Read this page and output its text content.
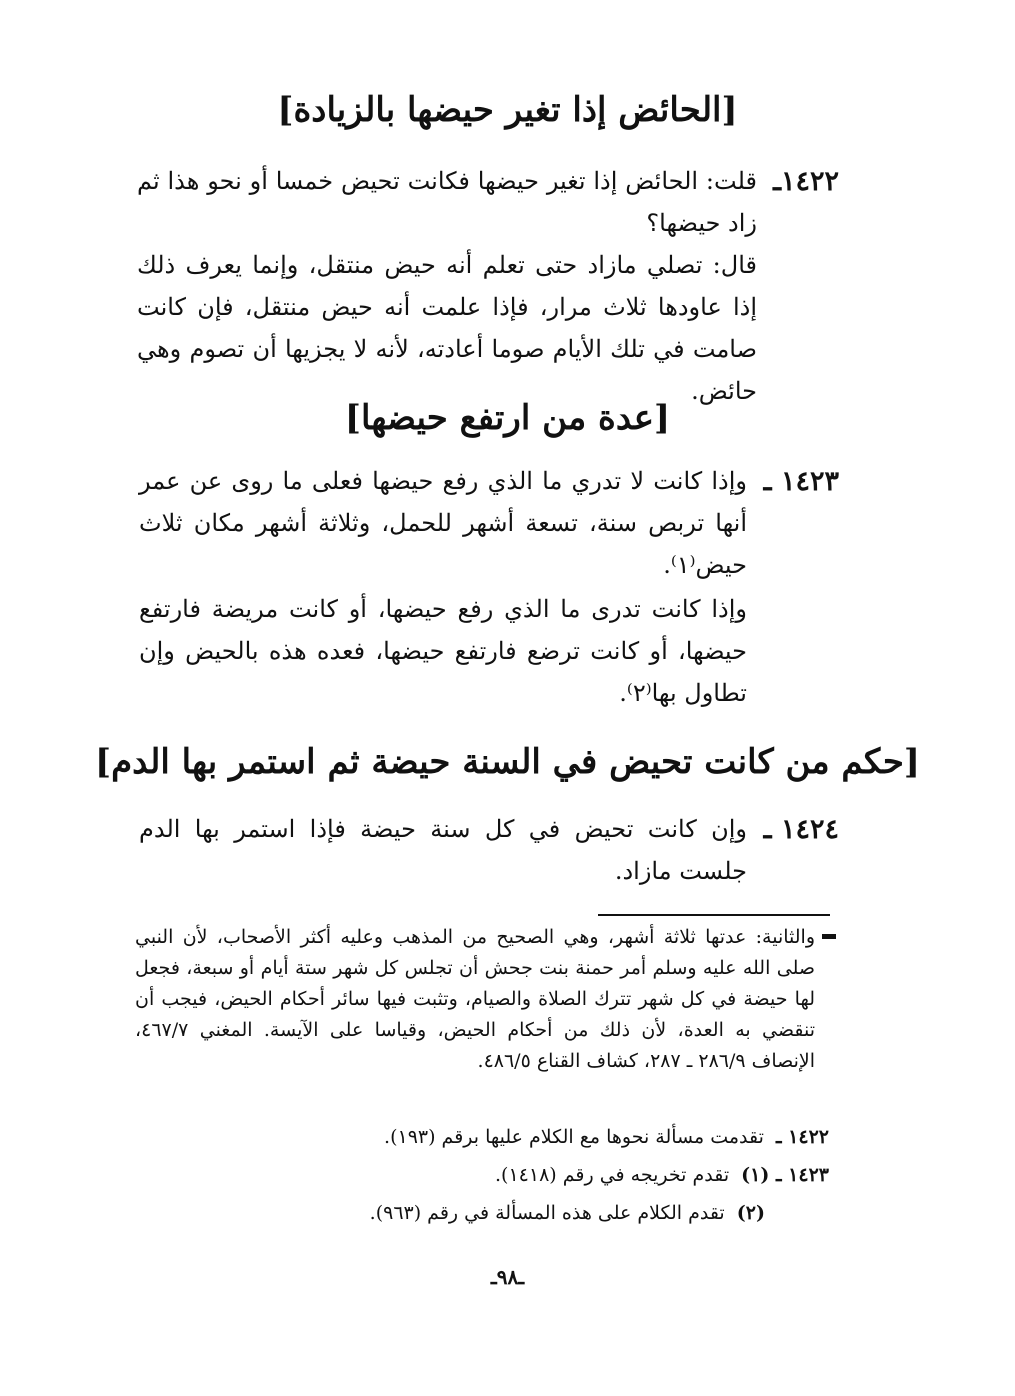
[الحائض إذا تغير حيضها بالزيادة]
١٤٢٢ـ
قلت: الحائض إذا تغير حيضها فكانت تحيض خمسا أو نحو هذا ثم زاد حيضها؟
قال: تصلي مازاد حتى تعلم أنه حيض منتقل، وإنما يعرف ذلك إذا عاودها ثلاث مرار، فإذا علمت أنه حيض منتقل، فإن كانت صامت في تلك الأيام صوما أعادته، لأنه لا يجزيها أن تصوم وهي حائض.
[عدة من ارتفع حيضها]
١٤٢٣ ـ
وإذا كانت لا تدري ما الذي رفع حيضها فعلى ما روى عن عمر أنها تربص سنة، تسعة أشهر للحمل، وثلاثة أشهر مكان ثلاث حيض⁽١⁾.
وإذا كانت تدرى ما الذي رفع حيضها، أو كانت مريضة فارتفع حيضها، أو كانت ترضع فارتفع حيضها، فعده هذه بالحيض وإن تطاول بها⁽٢⁾.
[حكم من كانت تحيض في السنة حيضة ثم استمر بها الدم]
١٤٢٤ ـ
وإن كانت تحيض في كل سنة حيضة فإذا استمر بها الدم جلست مازاد.
والثانية: عدتها ثلاثة أشهر، وهي الصحيح من المذهب وعليه أكثر الأصحاب، لأن النبي صلى الله عليه وسلم أمر حمنة بنت جحش أن تجلس كل شهر ستة أيام أو سبعة، فجعل لها حيضة في كل شهر تترك الصلاة والصيام، وتثبت فيها سائر أحكام الحيض، فيجب أن تنقضي به العدة، لأن ذلك من أحكام الحيض، وقياسا على الآيسة. المغني ٤٦٧/٧، الإنصاف ٢٨٦/٩ ـ ٢٨٧، كشاف القناع ٤٨٦/٥.
١٤٢٢ ـ تقدمت مسألة نحوها مع الكلام عليها برقم (١٩٣).
١٤٢٣ ـ (١) تقدم تخريجه في رقم (١٤١٨).
(٢) تقدم الكلام على هذه المسألة في رقم (٩٦٣).
ـ٩٨ـ
